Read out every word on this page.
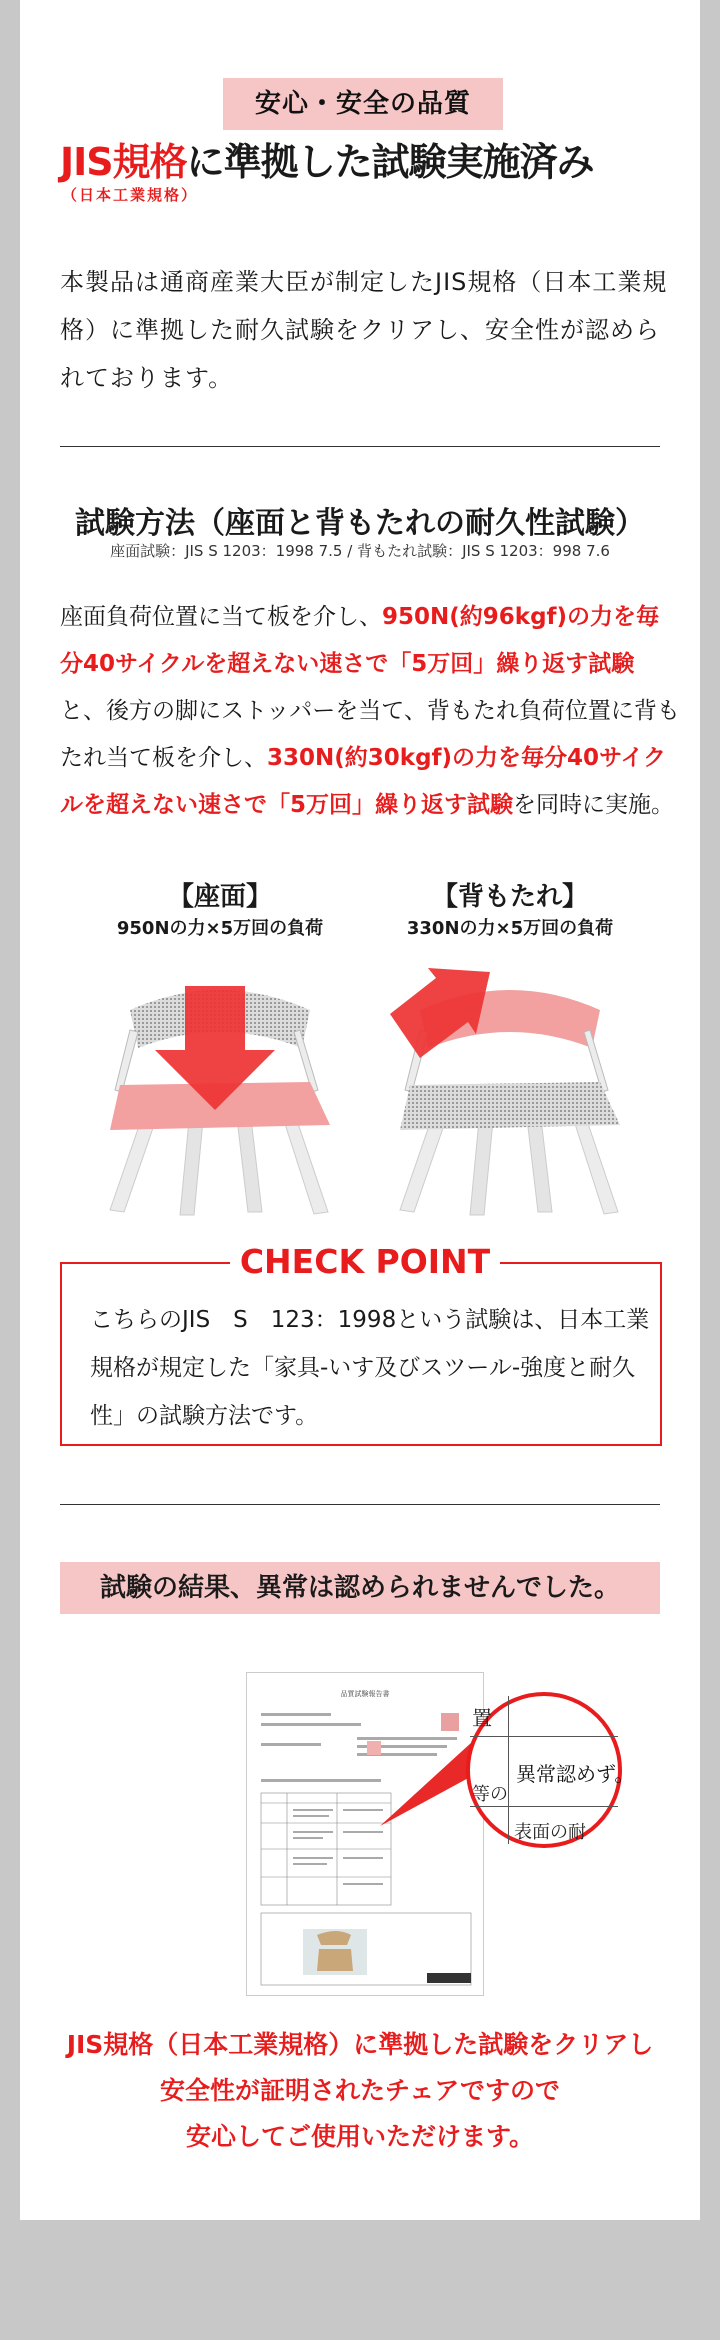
安心・安全の品質
JIS規格に準拠した試験実施済み
（日本工業規格）
本製品は通商産業大臣が制定したJIS規格（日本工業規格）に準拠した耐久試験をクリアし、安全性が認められております。
試験方法（座面と背もたれの耐久性試験）
座面試験：JIS S 1203：1998 7.5 / 背もたれ試験：JIS S 1203：998 7.6
座面負荷位置に当て板を介し、950N(約96kgf)の力を毎分40サイクルを超えない速さで「5万回」繰り返す試験と、後方の脚にストッパーを当て、背もたれ負荷位置に背もたれ当て板を介し、330N(約30kgf)の力を毎分40サイクルを超えない速さで「5万回」繰り返す試験を同時に実施。
【座面】
950Nの力×5万回の負荷
【背もたれ】
330Nの力×5万回の負荷
CHECK POINT
こちらのJIS　S　123：1998という試験は、日本工業規格が規定した「家具-いす及びスツール-強度と耐久性」の試験方法です。
試験の結果、異常は認められませんでした。
品質試験報告書
置
等の
異常認めず。
表面の耐
JIS規格（日本工業規格）に準拠した試験をクリアし
安全性が証明されたチェアですので
安心してご使用いただけます。
